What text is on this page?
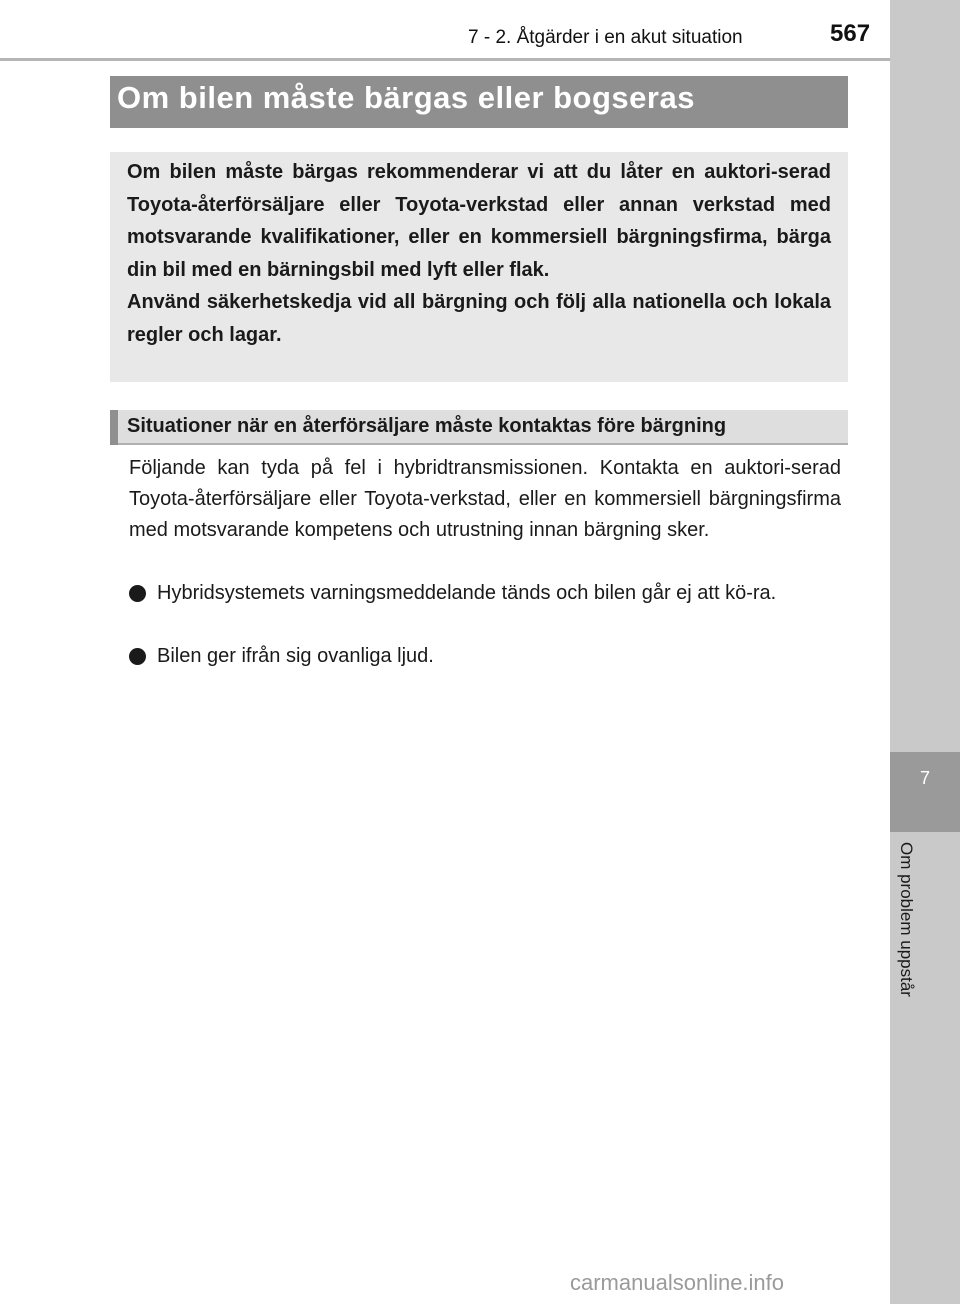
7 - 2. Åtgärder i en akut situation	567
7
Om problem uppstår
Om bilen måste bärgas eller bogseras

Om bilen måste bärgas rekommenderar vi att du låter en auktori-serad Toyota-återförsäljare eller Toyota-verkstad eller annan verkstad med motsvarande kvalifikationer, eller en kommersiell bärgningsfirma, bärga din bil med en bärningsbil med lyft eller flak.

Använd säkerhetskedja vid all bärgning och följ alla nationella och lokala regler och lagar.

Situationer när en återförsäljare måste kontaktas före bärgning
Följande kan tyda på fel i hybridtransmissionen. Kontakta en auktori-serad Toyota-återförsäljare eller Toyota-verkstad, eller en kommersiell bärgningsfirma med motsvarande kompetens och utrustning innan bärgning sker.
Hybridsystemets varningsmeddelande tänds och bilen går ej att kö-ra.
Bilen ger ifrån sig ovanliga ljud.
carmanualsonline.info
